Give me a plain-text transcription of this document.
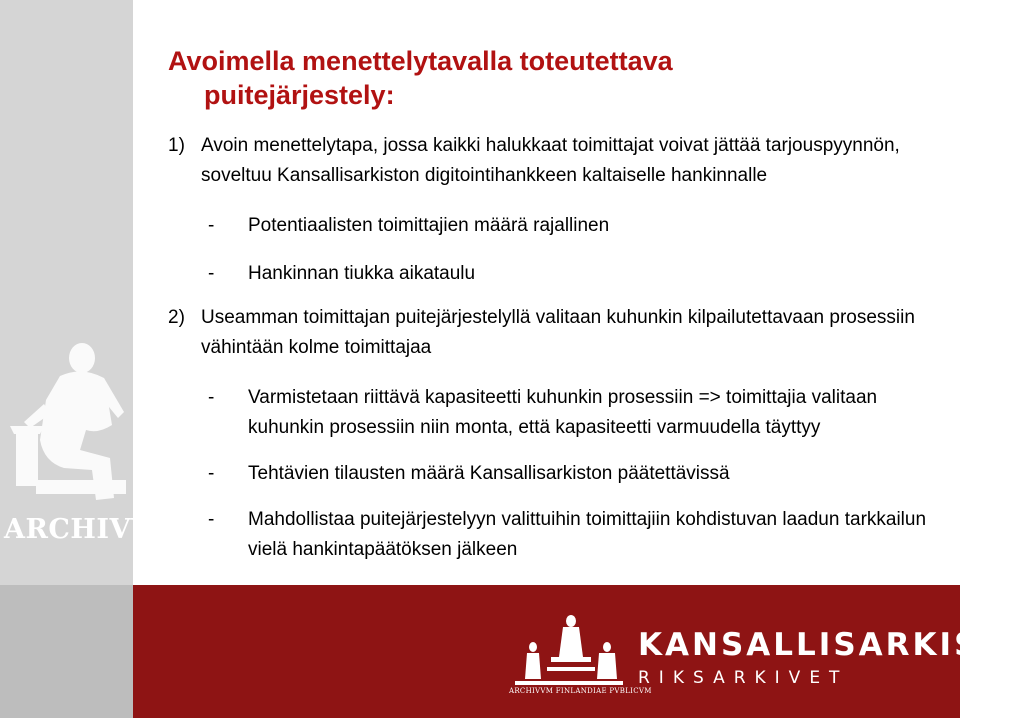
ARCHIVVM
ARCHIVVM FINLANDIAE PVBLICVM
KANSALLISARKISTO
RIKSARKIVET
Avoimella menettelytavalla toteutettava
puitejärjestely:
1) Avoin menettelytapa, jossa kaikki halukkaat toimittajat voivat jättää tarjouspyynnön, soveltuu Kansallisarkiston digitointihankkeen kaltaiselle hankinnalle
-	Potentiaalisten toimittajien määrä rajallinen
-	Hankinnan tiukka aikataulu
2) Useamman toimittajan puitejärjestelyllä valitaan kuhunkin kilpailutettavaan prosessiin vähintään kolme toimittajaa
-	Varmistetaan riittävä kapasiteetti kuhunkin prosessiin => toimittajia valitaan kuhunkin prosessiin niin monta, että kapasiteetti varmuudella täyttyy
-	Tehtävien tilausten määrä Kansallisarkiston päätettävissä
-	Mahdollistaa puitejärjestelyyn valittuihin toimittajiin kohdistuvan laadun tarkkailun vielä hankintapäätöksen jälkeen
